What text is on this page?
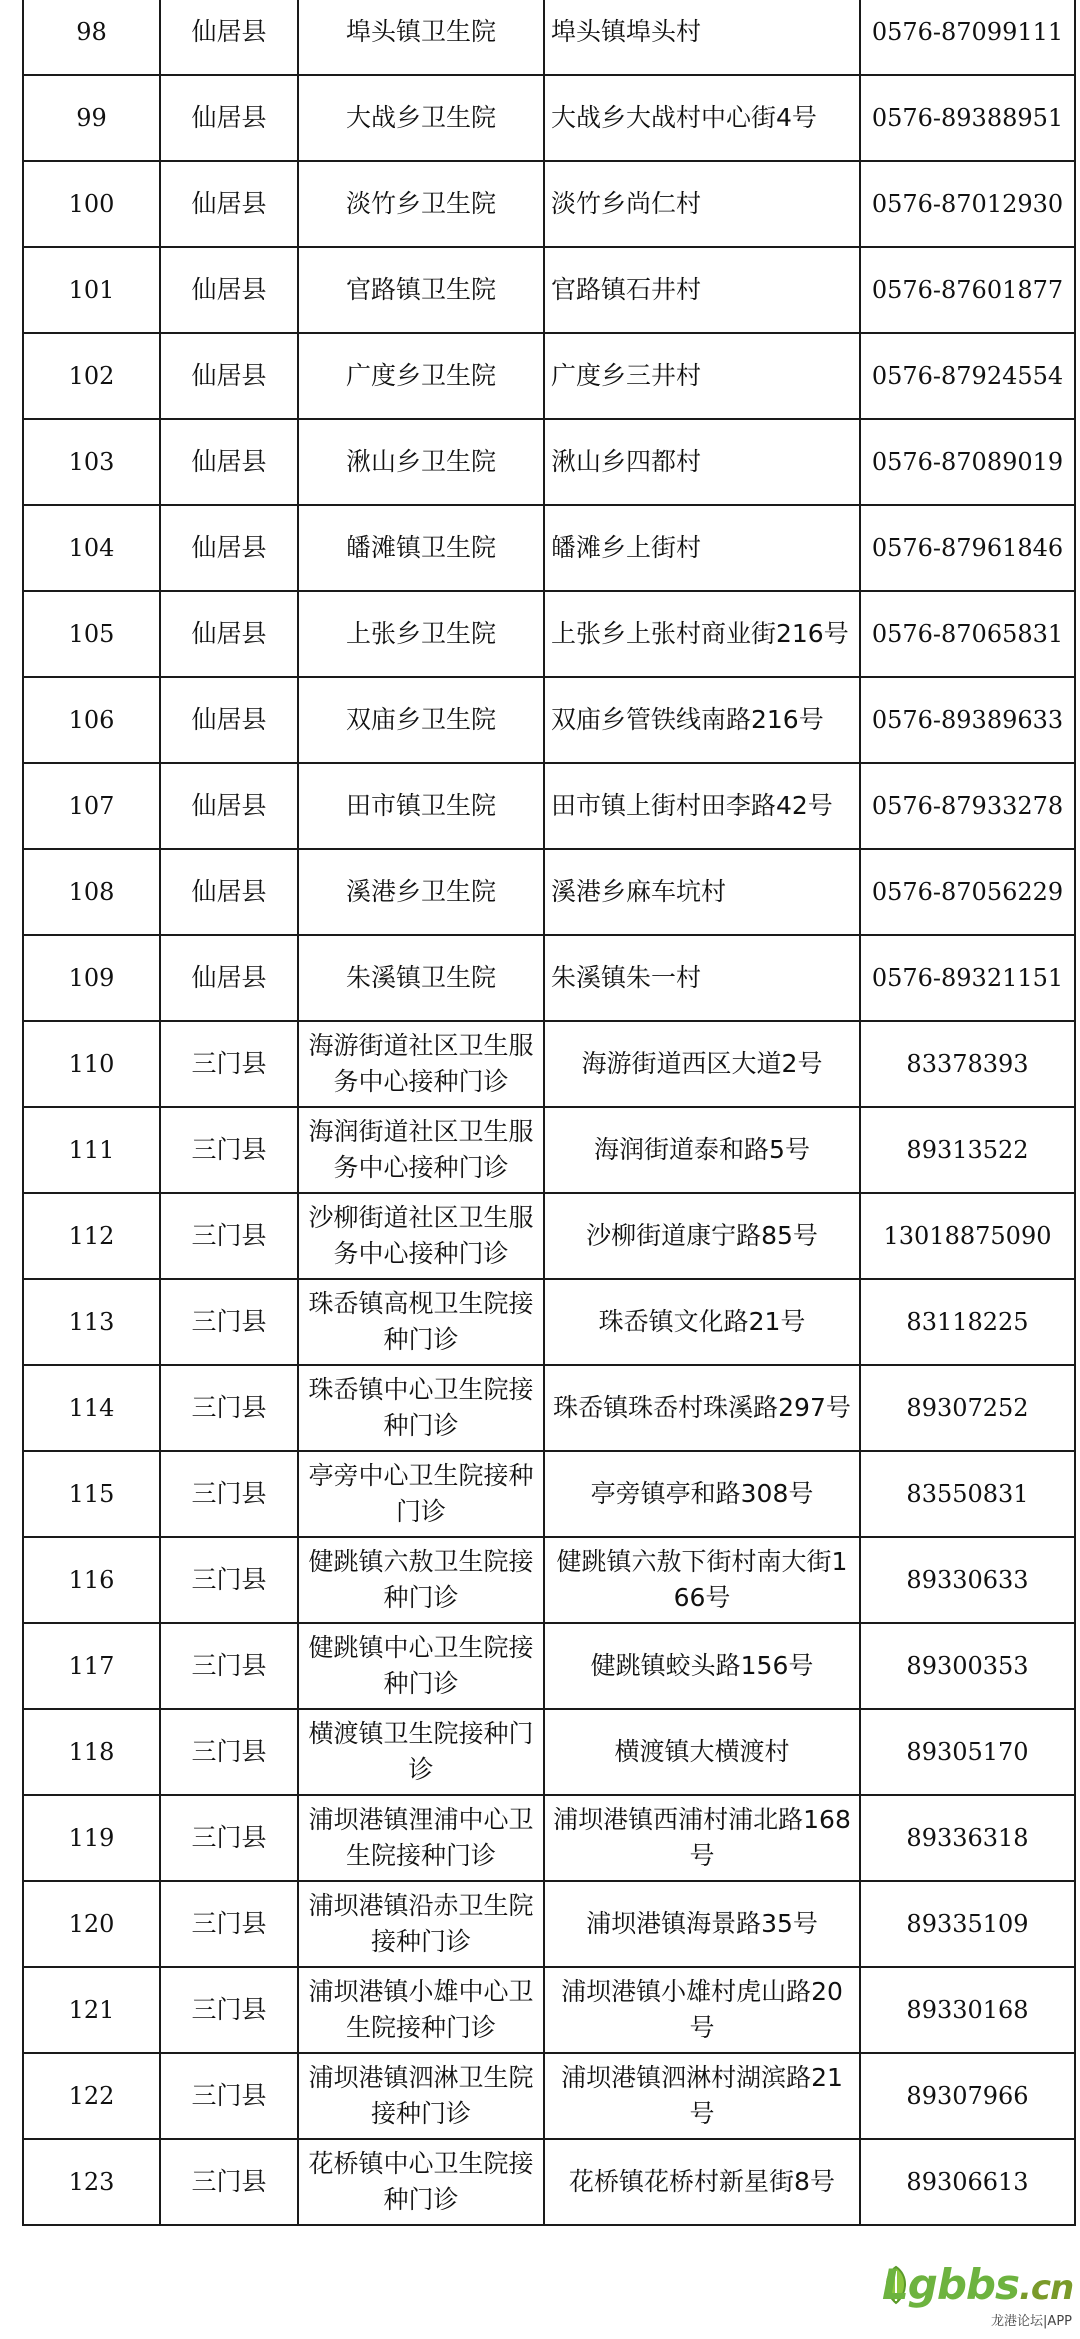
98	仙居县	埠头镇卫生院	埠头镇埠头村	0576-87099111
99	仙居县	大战乡卫生院	大战乡大战村中心街4号	0576-89388951
100	仙居县	淡竹乡卫生院	淡竹乡尚仁村	0576-87012930
101	仙居县	官路镇卫生院	官路镇石井村	0576-87601877
102	仙居县	广度乡卫生院	广度乡三井村	0576-87924554
103	仙居县	湫山乡卫生院	湫山乡四都村	0576-87089019
104	仙居县	皤滩镇卫生院	皤滩乡上街村	0576-87961846
105	仙居县	上张乡卫生院	上张乡上张村商业街216号	0576-87065831
106	仙居县	双庙乡卫生院	双庙乡管铁线南路216号	0576-89389633
107	仙居县	田市镇卫生院	田市镇上街村田李路42号	0576-87933278
108	仙居县	溪港乡卫生院	溪港乡麻车坑村	0576-87056229
109	仙居县	朱溪镇卫生院	朱溪镇朱一村	0576-89321151
110	三门县	海游街道社区卫生服务中心接种门诊	海游街道西区大道2号	83378393
111	三门县	海润街道社区卫生服务中心接种门诊	海润街道泰和路5号	89313522
112	三门县	沙柳街道社区卫生服务中心接种门诊	沙柳街道康宁路85号	13018875090
113	三门县	珠岙镇高枧卫生院接种门诊	珠岙镇文化路21号	83118225
114	三门县	珠岙镇中心卫生院接种门诊	珠岙镇珠岙村珠溪路297号	89307252
115	三门县	亭旁中心卫生院接种门诊	亭旁镇亭和路308号	83550831
116	三门县	健跳镇六敖卫生院接种门诊	健跳镇六敖下街村南大街166号	89330633
117	三门县	健跳镇中心卫生院接种门诊	健跳镇蛟头路156号	89300353
118	三门县	横渡镇卫生院接种门诊	横渡镇大横渡村	89305170
119	三门县	浦坝港镇浬浦中心卫生院接种门诊	浦坝港镇西浦村浦北路168号	89336318
120	三门县	浦坝港镇沿赤卫生院接种门诊	浦坝港镇海景路35号	89335109
121	三门县	浦坝港镇小雄中心卫生院接种门诊	浦坝港镇小雄村虎山路20号	89330168
122	三门县	浦坝港镇泗淋卫生院接种门诊	浦坝港镇泗淋村湖滨路21号	89307966
123	三门县	花桥镇中心卫生院接种门诊	花桥镇花桥村新星街8号	89306613
Lgbbs.cn
龙港论坛|APP
